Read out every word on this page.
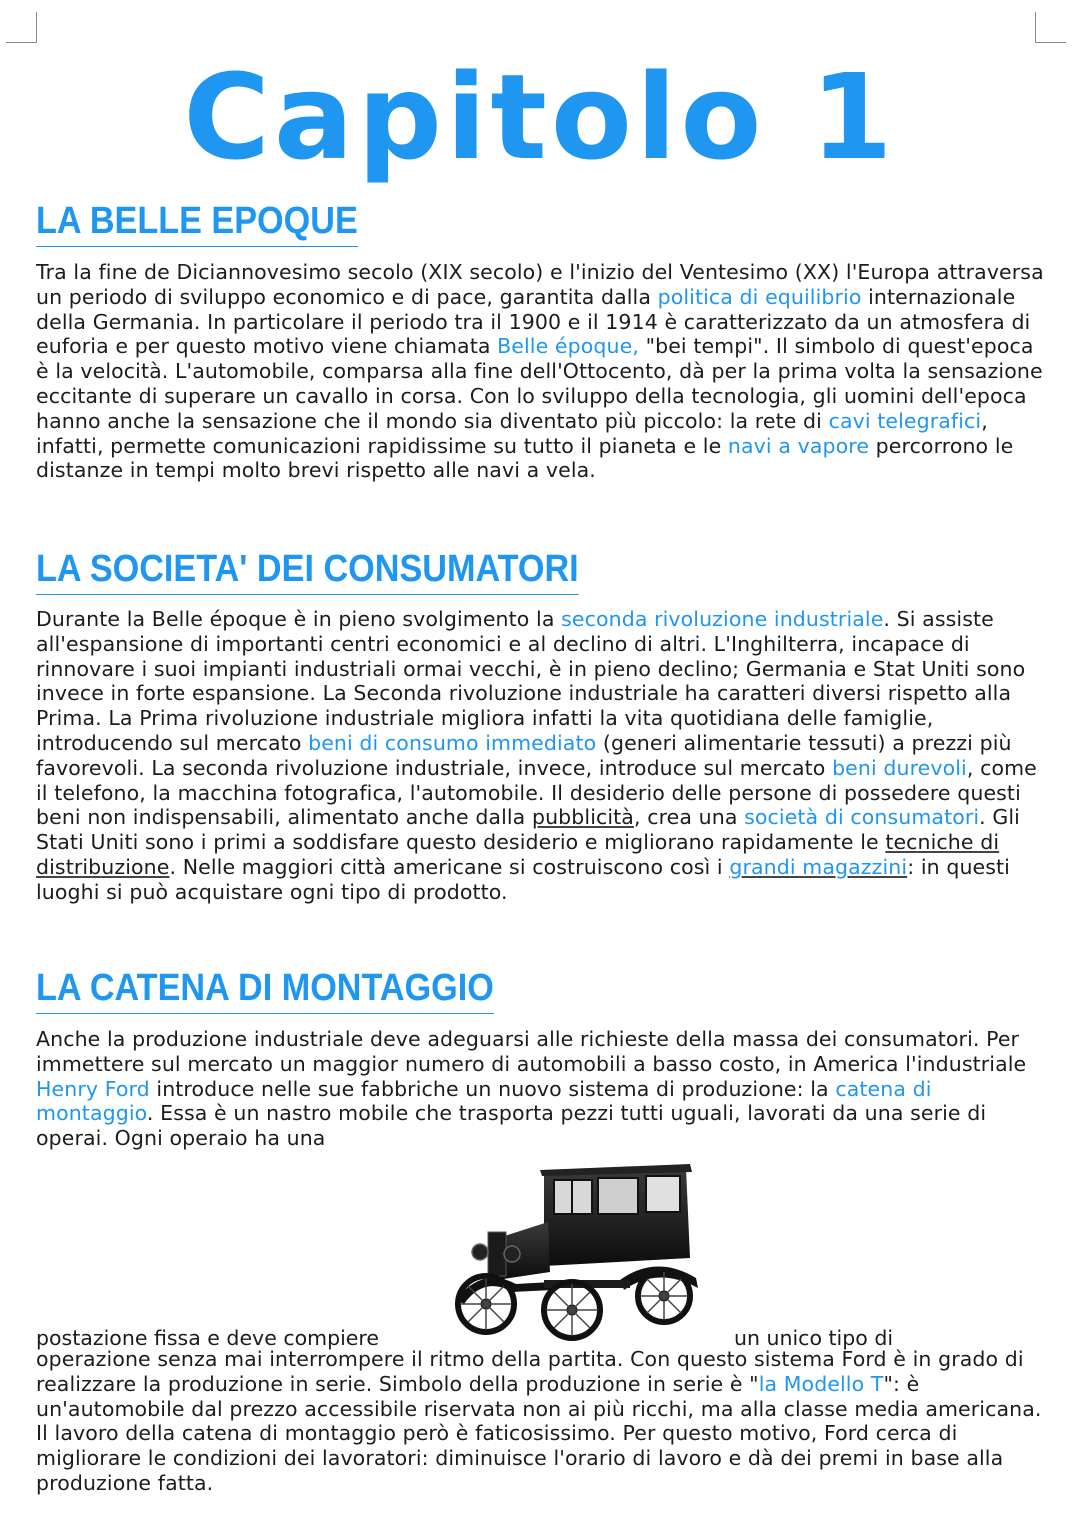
Capitolo 1
LA BELLE EPOQUE

Tra la fine de Diciannovesimo secolo (XIX secolo) e l'inizio del Ventesimo (XX) l'Europa attraversa un periodo di sviluppo economico e di pace, garantita dalla politica di equilibrio internazionale della Germania. In particolare il periodo tra il 1900 e il 1914 è caratterizzato da un atmosfera di euforia e per questo motivo viene chiamata Belle époque, "bei tempi". Il simbolo di quest'epoca è la velocità. L'automobile, comparsa alla fine dell'Ottocento, dà per la prima volta la sensazione eccitante di superare un cavallo in corsa. Con lo sviluppo della tecnologia, gli uomini dell'epoca hanno anche la sensazione che il mondo sia diventato più piccolo: la rete di cavi telegrafici, infatti, permette comunicazioni rapidissime su tutto il pianeta e le navi a vapore percorrono le distanze in tempi molto brevi rispetto alle navi a vela.

LA SOCIETA' DEI CONSUMATORI

Durante la Belle époque è in pieno svolgimento la seconda rivoluzione industriale. Si assiste all'espansione di importanti centri economici e al declino di altri. L'Inghilterra, incapace di rinnovare i suoi impianti industriali ormai vecchi, è in pieno declino; Germania e Stat Uniti sono invece in forte espansione. La Seconda rivoluzione industriale ha caratteri diversi rispetto alla Prima. La Prima rivoluzione industriale migliora infatti la vita quotidiana delle famiglie, introducendo sul mercato beni di consumo immediato (generi alimentarie tessuti) a prezzi più favorevoli. La seconda rivoluzione industriale, invece, introduce sul mercato beni durevoli, come il telefono, la macchina fotografica, l'automobile. Il desiderio delle persone di possedere questi beni non indispensabili, alimentato anche dalla pubblicità, crea una società di consumatori. Gli Stati Uniti sono i primi a soddisfare questo desiderio e migliorano rapidamente le tecniche di distribuzione. Nelle maggiori città americane si costruiscono così i grandi magazzini: in questi luoghi si può acquistare ogni tipo di prodotto.

LA CATENA DI MONTAGGIO

Anche la produzione industriale deve adeguarsi alle richieste della massa dei consumatori. Per immettere sul mercato un maggior numero di automobili a basso costo, in America l'industriale Henry Ford introduce nelle sue fabbriche un nuovo sistema di produzione: la catena di montaggio. Essa è un nastro mobile che trasporta pezzi tutti uguali, lavorati da una serie di operai. Ogni operaio ha una

postazione fissa e deve compiere	un unico tipo di

operazione senza mai interrompere il ritmo della partita. Con questo sistema Ford è in grado di realizzare la produzione in serie. Simbolo della produzione in serie è "la Modello T": è un'automobile dal prezzo accessibile riservata non ai più ricchi, ma alla classe media americana. Il lavoro della catena di montaggio però è faticosissimo. Per questo motivo, Ford cerca di migliorare le condizioni dei lavoratori: diminuisce l'orario di lavoro e dà dei premi in base alla produzione fatta.
